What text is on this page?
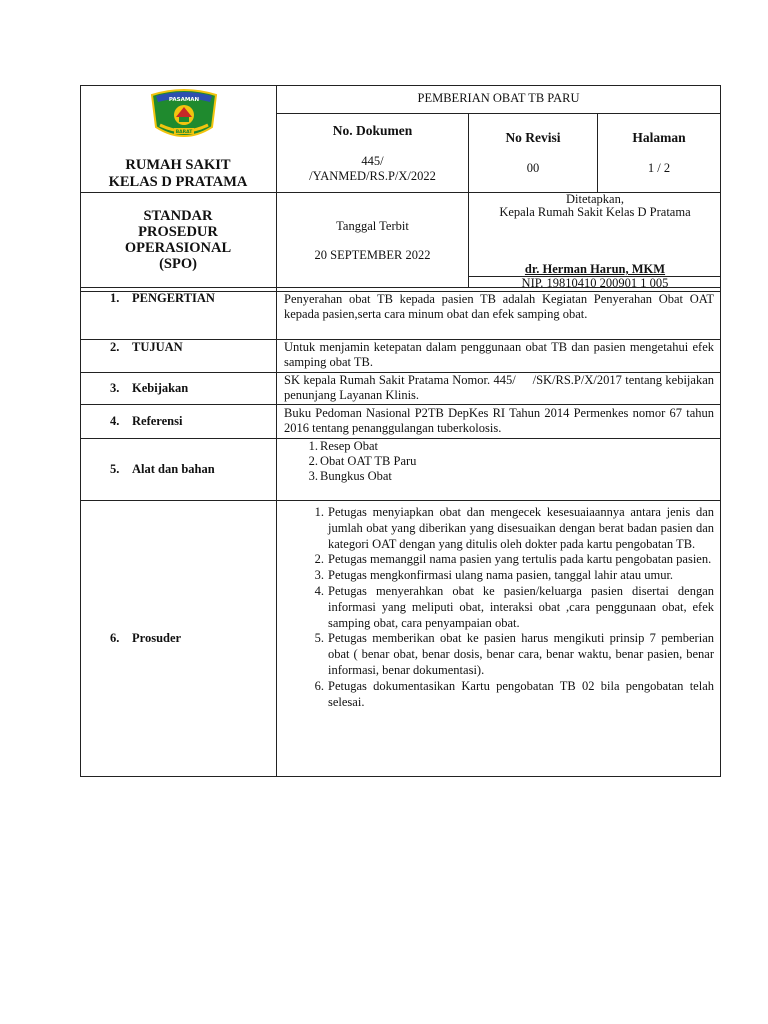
PASAMAN
BARAT
RUMAH SAKIT
KELAS D PRATAMA
PEMBERIAN OBAT TB PARU
No. Dokumen
445/
/YANMED/RS.P/X/2022
No Revisi
00
Halaman
1 / 2
STANDAR
PROSEDUR
OPERASIONAL
(SPO)
Tanggal Terbit
20 SEPTEMBER 2022
Ditetapkan,
Kepala Rumah Sakit Kelas D Pratama
dr. Herman Harun, MKM
NIP. 19810410 200901 1 005
1. PENGERTIAN	Penyerahan obat TB kepada pasien TB adalah Kegiatan Penyerahan Obat OAT kepada pasien,serta cara minum obat dan efek samping obat.
2. TUJUAN	Untuk menjamin ketepatan dalam penggunaan obat TB dan pasien mengetahui efek samping obat TB.
3. Kebijakan
SK kepala Rumah Sakit Pratama Nomor. 445/     /SK/RS.P/X/2017 tentang kebijakan penunjang Layanan Klinis.
4. Referensi
Buku Pedoman Nasional P2TB DepKes RI Tahun 2014 Permenkes nomor 67 tahun 2016 tentang penanggulangan tuberkolosis.
5. Alat dan bahan
1. Resep Obat
2. Obat OAT TB Paru
3. Bungkus Obat
6. Prosuder
1. Petugas menyiapkan obat dan mengecek kesesuaiaannya antara jenis dan jumlah obat yang diberikan yang disesuaikan dengan berat badan pasien dan kategori OAT dengan yang ditulis oleh dokter pada kartu pengobatan TB.
2. Petugas memanggil nama pasien yang tertulis pada kartu pengobatan pasien.
3. Petugas mengkonfirmasi ulang nama pasien, tanggal lahir atau umur.
4. Petugas menyerahkan obat ke pasien/keluarga pasien disertai dengan informasi yang meliputi obat, interaksi obat ,cara penggunaan obat, efek samping obat, cara penyampaian obat.
5. Petugas memberikan obat ke pasien harus mengikuti prinsip 7 pemberian obat ( benar obat, benar dosis, benar cara, benar waktu, benar pasien, benar informasi, benar dokumentasi).
6. Petugas dokumentasikan Kartu pengobatan TB 02 bila pengobatan telah selesai.
